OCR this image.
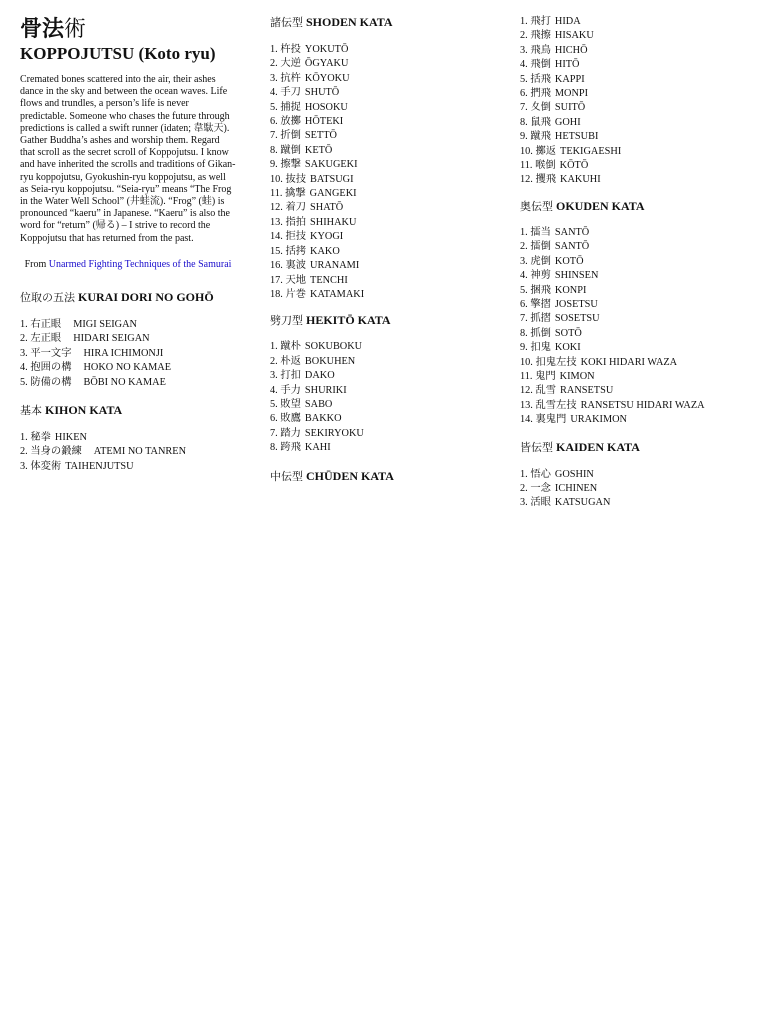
骨法術
KOPPOJUTSU (Koto ryu)
Cremated bones scattered into the air, their ashes dance in the sky and between the ocean waves. Life flows and trundles, a person’s life is never predictable. Someone who chases the future through predictions is called a swift runner (idaten; 韋駄天). Gather Buddha’s ashes and worship them. Regard that scroll as the secret scroll of Koppojutsu. I know and have inherited the scrolls and traditions of Gikan-ryu koppojutsu, Gyokushin-ryu koppojutsu, as well as Seia-ryu koppojutsu. “Seia-ryu” means “The Frog in the Water Well School” (井蛙流). “Frog” (蛙) is pronounced “kaeru” in Japanese. “Kaeru” is also the word for “return” (帰る) – I strive to record the Koppojutsu that has returned from the past.
From Unarmed Fighting Techniques of the Samurai
位取の五法 KURAI DORI NO GOHŌ
1. 右正眼 MIGI SEIGAN
2. 左正眼 HIDARI SEIGAN
3. 平一文字 HIRA ICHIMONJI
4. 抱囲の構 HOKO NO KAMAE
5. 防備の構 BŌBI NO KAMAE
基本 KIHON KATA
1. 秘拳 HIKEN
2. 当身の鍛練 ATEMI NO TANREN
3. 体変術 TAIHENJUTSU
諸伝型 SHODEN KATA
1. 杵投 YOKUTŌ
2. 大逆 ŌGYAKU
3. 抗杵 KŌYOKU
4. 手刀 SHUTŌ
5. 捕捉 HOSOKU
6. 放擲 HŌTEKI
7. 折倒 SETTŌ
8. 蹴倒 KETŌ
9. 擦撃 SAKUGEKI
10. 抜技 BATSUGI
11. 擒撃 GANGEKI
12. 着刀 SHATŌ
13. 指拍 SHIHAKU
14. 拒技 KYOGI
15. 括拷 KAKO
16. 裏波 URANAMI
17. 天地 TENCHI
18. 片巻 KATAMAKI
劈刀型 HEKITŌ KATA
1. 蹴朴 SOKUBOKU
2. 朴返 BOKUHEN
3. 打扣 DAKO
4. 手力 SHURIKI
5. 敗望 SABO
6. 敗鷹 BAKKO
7. 踏力 SEKIRYOKU
8. 跨飛 KAHI
中伝型 CHŪDEN KATA
1. 飛打 HIDA
2. 飛擦 HISAKU
3. 飛鳥 HICHŌ
4. 飛倒 HITŌ
5. 括飛 KAPPI
6. 捫飛 MONPI
7. 夊倒 SUITŌ
8. 鼠飛 GOHI
9. 蹴飛 HETSUBI
10. 擲返 TEKIGAESHI
11. 喉倒 KŌTŌ
12. 攫飛 KAKUHI
奥伝型 OKUDEN KATA
1. 擂当 SANTŌ
2. 擂倒 SANTŌ
3. 虎倒 KOTŌ
4. 神剪 SHINSEN
5. 捆飛 KONPI
6. 擎摺 JOSETSU
7. 抓摺 SOSETSU
8. 抓倒 SOTŌ
9. 扣鬼 KOKI
10. 扣鬼左技 KOKI HIDARI WAZA
11. 鬼門 KIMON
12. 乱雪 RANSETSU
13. 乱雪左技 RANSETSU HIDARI WAZA
14. 裏鬼門 URAKIMON
皆伝型 KAIDEN KATA
1. 悟心 GOSHIN
2. 一念 ICHINEN
3. 活眼 KATSUGAN
